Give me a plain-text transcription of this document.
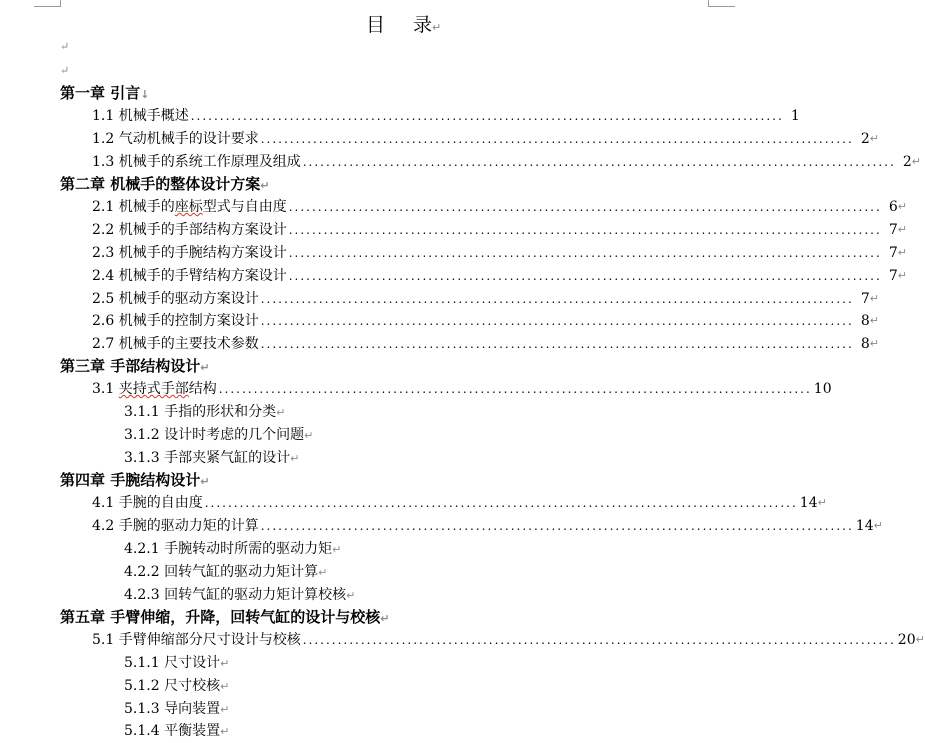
目 录↵
↵
↵
第一章 引言↓
1.1 机械手概述 ...................................................................................................... 1
1.2 气动机械手的设计要求 ...................................................................................................... 2 ↵
1.3 机械手的系统工作原理及组成 ...................................................................................................... 2 ↵
第二章 机械手的整体设计方案↵
2.1 机械手的座标型式与自由度 ...................................................................................................... 6 ↵
2.2 机械手的手部结构方案设计 ...................................................................................................... 7 ↵
2.3 机械手的手腕结构方案设计 ...................................................................................................... 7 ↵
2.4 机械手的手臂结构方案设计 ...................................................................................................... 7 ↵
2.5 机械手的驱动方案设计 ...................................................................................................... 7 ↵
2.6 机械手的控制方案设计 ...................................................................................................... 8 ↵
2.7 机械手的主要技术参数 ...................................................................................................... 8 ↵
第三章 手部结构设计↵
3.1 夹持式手部结构 ...................................................................................................... 10
3.1.1 手指的形状和分类↵
3.1.2 设计时考虑的几个问题↵
3.1.3 手部夹紧气缸的设计↵
第四章 手腕结构设计↵
4.1 手腕的自由度 ...................................................................................................... 14 ↵
4.2 手腕的驱动力矩的计算 ...................................................................................................... 14 ↵
4.2.1 手腕转动时所需的驱动力矩↵
4.2.2 回转气缸的驱动力矩计算↵
4.2.3 回转气缸的驱动力矩计算校核↵
第五章 手臂伸缩，升降，回转气缸的设计与校核↵
5.1 手臂伸缩部分尺寸设计与校核 ...................................................................................................... 20 ↵
5.1.1 尺寸设计↵
5.1.2 尺寸校核↵
5.1.3 导向装置↵
5.1.4 平衡装置↵
